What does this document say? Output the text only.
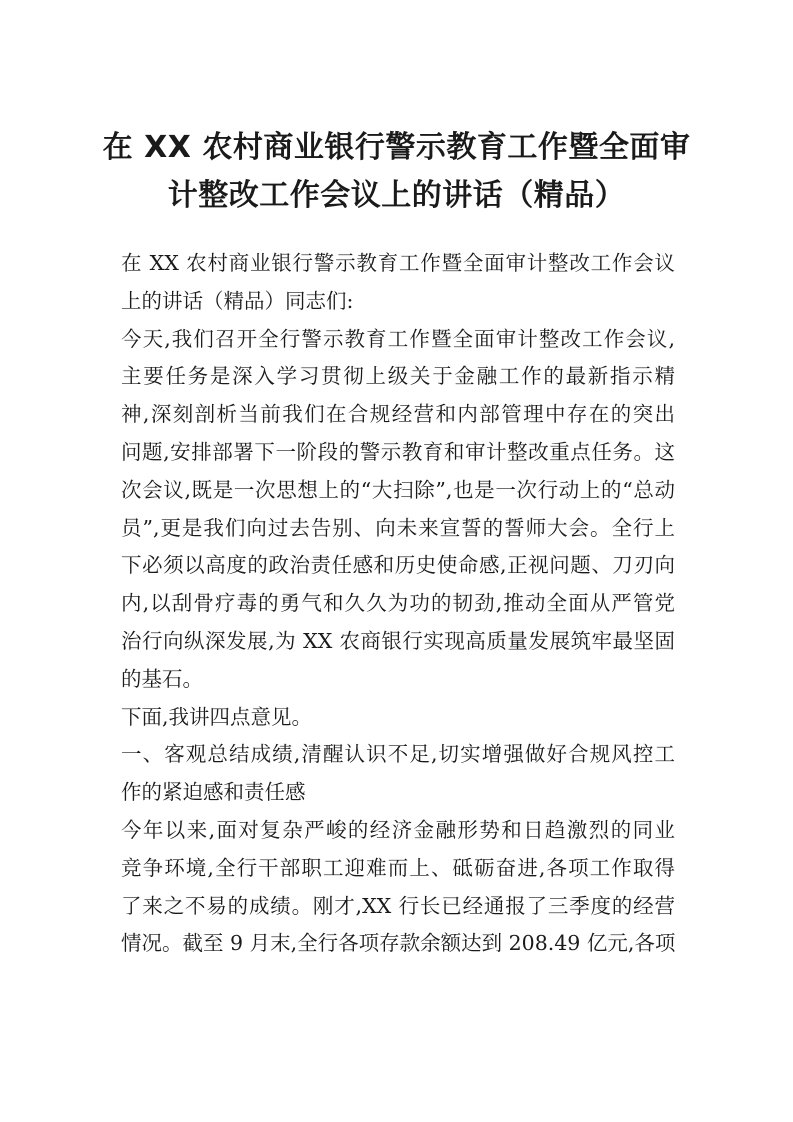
在 XX 农村商业银行警示教育工作暨全面审
计整改工作会议上的讲话（精品）
在 XX 农村商业银行警示教育工作暨全面审计整改工作会议
上的讲话（精品）同志们:
今天,我们召开全行警示教育工作暨全面审计整改工作会议,
主要任务是深入学习贯彻上级关于金融工作的最新指示精
神,深刻剖析当前我们在合规经营和内部管理中存在的突出
问题,安排部署下一阶段的警示教育和审计整改重点任务。这
次会议,既是一次思想上的“大扫除”,也是一次行动上的“总动
员”,更是我们向过去告别、向未来宣誓的誓师大会。全行上
下必须以高度的政治责任感和历史使命感,正视问题、刀刃向
内,以刮骨疗毒的勇气和久久为功的韧劲,推动全面从严管党
治行向纵深发展,为 XX 农商银行实现高质量发展筑牢最坚固
的基石。
下面,我讲四点意见。
一、客观总结成绩,清醒认识不足,切实增强做好合规风控工
作的紧迫感和责任感
今年以来,面对复杂严峻的经济金融形势和日趋激烈的同业
竞争环境,全行干部职工迎难而上、砥砺奋进,各项工作取得
了来之不易的成绩。刚才,XX 行长已经通报了三季度的经营
情况。截至 9 月末,全行各项存款余额达到 208.49 亿元,各项
